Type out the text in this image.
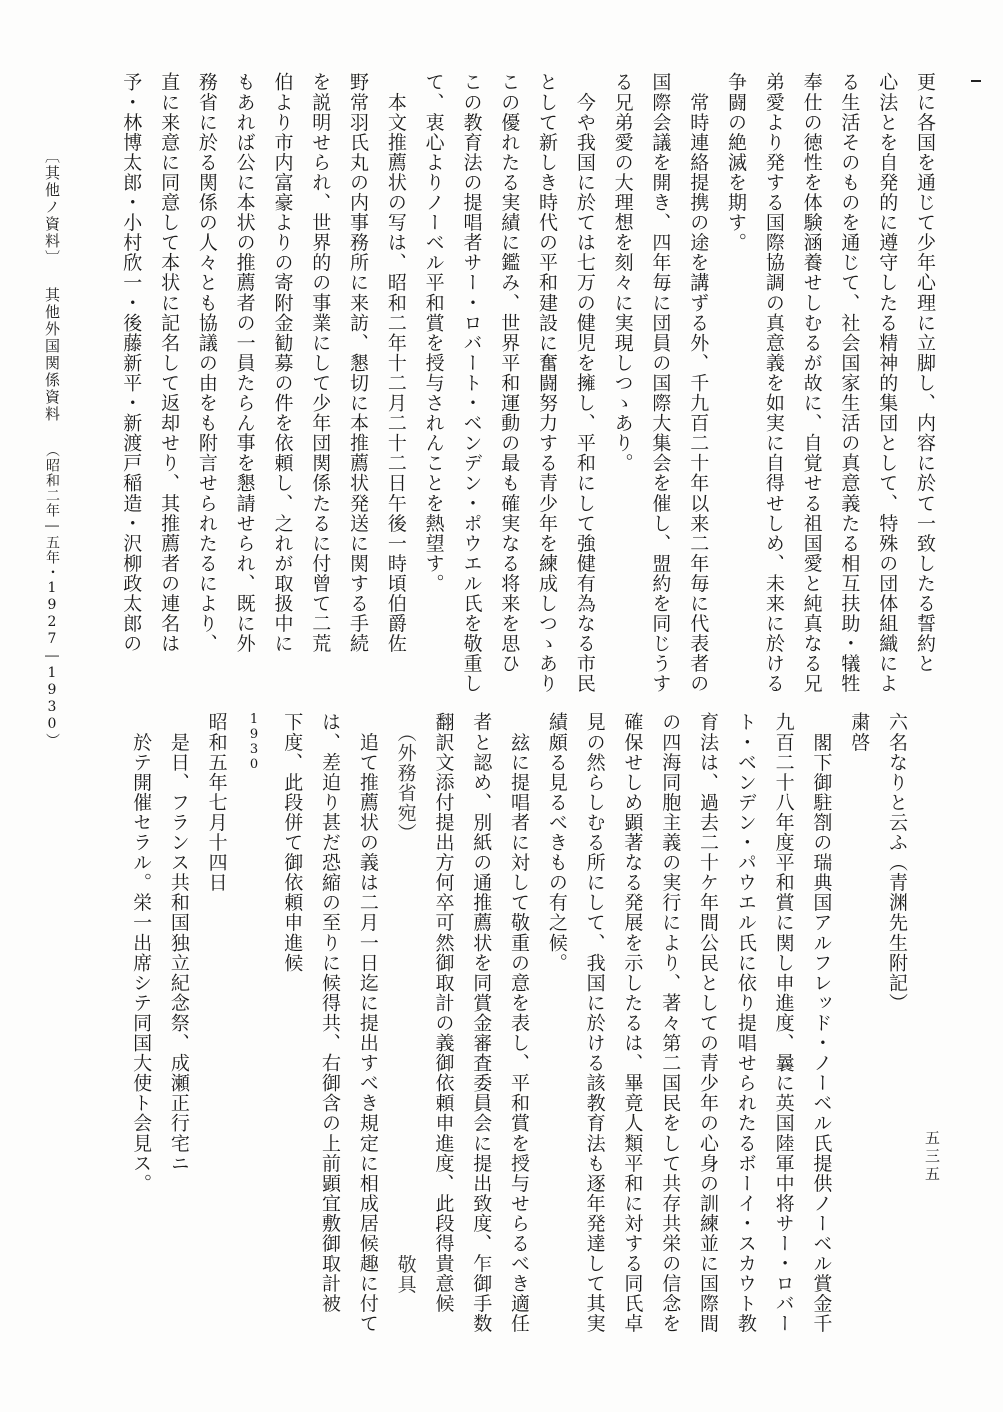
更に各国を通じて少年心理に立脚し、内容に於て一致したる誓約と
心法とを自発的に遵守したる精神的集団として、特殊の団体組織によ
る生活そのものを通じて、社会国家生活の真意義たる相互扶助・犠牲
奉仕の徳性を体験涵養せしむるが故に、自覚せる祖国愛と純真なる兄
弟愛より発する国際協調の真意義を如実に自得せしめ、未来に於ける
争闘の絶滅を期す。
　常時連絡提携の途を講ずる外、千九百二十年以来二年毎に代表者の
国際会議を開き、四年毎に団員の国際大集会を催し、盟約を同じうす
る兄弟愛の大理想を刻々に実現しつゝあり。
　今や我国に於ては七万の健児を擁し、平和にして強健有為なる市民
として新しき時代の平和建設に奮闘努力する青少年を練成しつゝあり
この優れたる実績に鑑み、世界平和運動の最も確実なる将来を思ひ
この教育法の提唱者サー・ロバート・ベンデン・ポウエル氏を敬重し
て、衷心よりノーベル平和賞を授与されんことを熱望す。
　本文推薦状の写は、昭和二年十二月二十二日午後一時頃伯爵佐
野常羽氏丸の内事務所に来訪、懇切に本推薦状発送に関する手続
を説明せられ、世界的の事業にして少年団関係たるに付曾て二荒
伯より市内富豪よりの寄附金勧募の件を依頼し、之れが取扱中に
もあれば公に本状の推薦者の一員たらん事を懇請せられ、既に外
務省に於る関係の人々とも協議の由をも附言せられたるにより、
直に来意に同意して本状に記名して返却せり、其推薦者の連名は
予・林博太郎・小村欣一・後藤新平・新渡戸稲造・沢柳政太郎の
六名なりと云ふ（青渊先生附記）
粛啓
　閣下御駐劄の瑞典国アルフレッド・ノーベル氏提供ノーベル賞金千
九百二十八年度平和賞に関し申進度、曩に英国陸軍中将サー・ロバー
ト・ベンデン・パウエル氏に依り提唱せられたるボーイ・スカウト教
育法は、過去二十ケ年間公民としての青少年の心身の訓練並に国際間
の四海同胞主義の実行により、著々第二国民をして共存共栄の信念を
確保せしめ顕著なる発展を示したるは、畢竟人類平和に対する同氏卓
見の然らしむる所にして、我国に於ける該教育法も逐年発達して其実
績頗る見るべきもの有之候。
　玆に提唱者に対して敬重の意を表し、平和賞を授与せらるべき適任
者と認め、別紙の通推薦状を同賞金審査委員会に提出致度、乍御手数
翻訳文添付提出方何卒可然御取計の義御依頼申進度、此段得貴意候
　（外務省宛）　　　　　　　　　　　　　　　　　　　　　敬具
　追て推薦状の義は二月一日迄に提出すべき規定に相成居候趣に付て
は、差迫り甚だ恐縮の至りに候得共、右御含の上前顕宜敷御取計被
下度、此段併て御依頼申進候
1930
昭和五年七月十四日
　是日、フランス共和国独立紀念祭、成瀬正行宅ニ
　於テ開催セラル。栄一出席シテ同国大使ト会見ス。
〔其他ノ資料〕 其他外国関係資料 （昭和二年―五年・1927―1930）
五三五
